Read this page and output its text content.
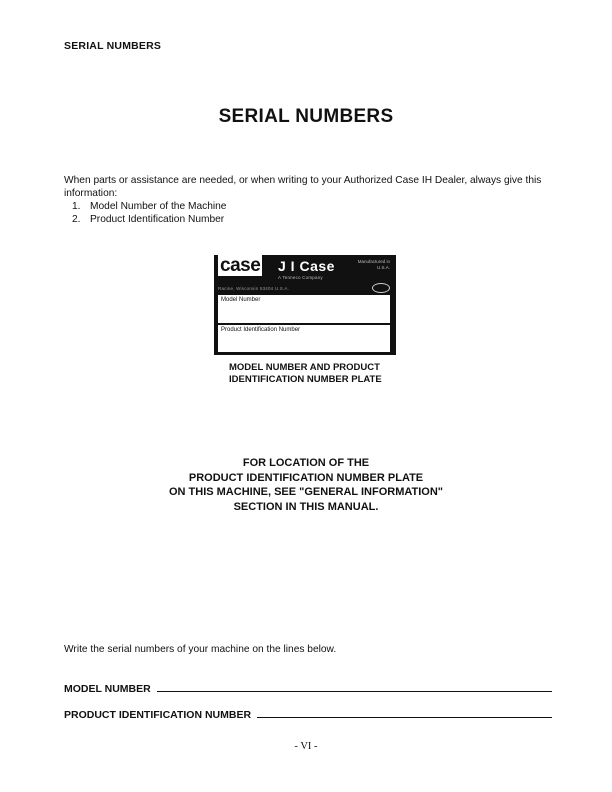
SERIAL NUMBERS
SERIAL NUMBERS
When parts or assistance are needed, or when writing to your Authorized Case IH Dealer, always give this information:
1. Model Number of the Machine
2. Product Identification Number
case J I Case
A Tenneco Company
Manufactured in U.S.A.
Racine, Wisconsin 53404 U.S.A.
Model Number
Product Identification Number
MODEL NUMBER AND PRODUCT
IDENTIFICATION NUMBER PLATE
FOR LOCATION OF THE
PRODUCT IDENTIFICATION NUMBER PLATE
ON THIS MACHINE, SEE "GENERAL INFORMATION"
SECTION IN THIS MANUAL.
Write the serial numbers of your machine on the lines below.
MODEL NUMBER
PRODUCT IDENTIFICATION NUMBER
- VI -
